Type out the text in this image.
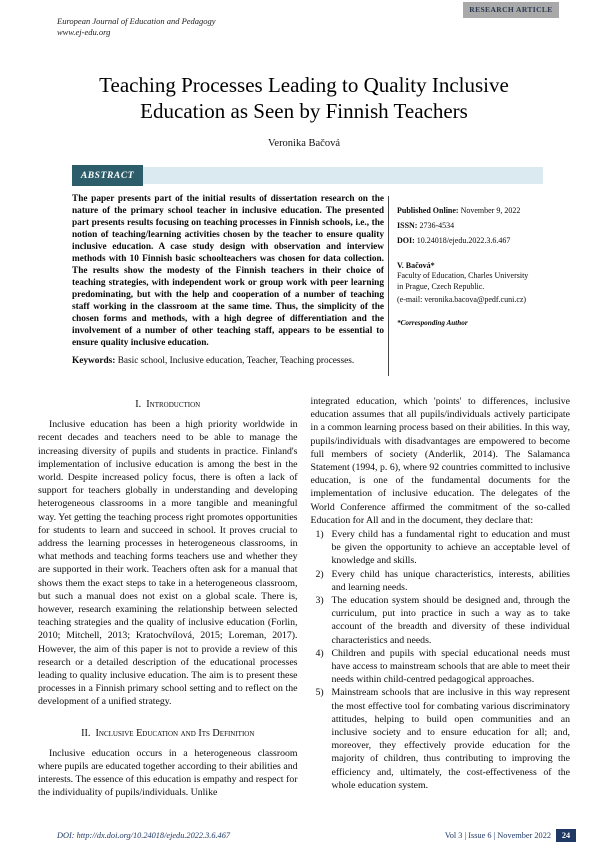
European Journal of Education and Pedagogy
www.ej-edu.org
RESEARCH ARTICLE
Teaching Processes Leading to Quality Inclusive Education as Seen by Finnish Teachers
Veronika Bačová
ABSTRACT
The paper presents part of the initial results of dissertation research on the nature of the primary school teacher in inclusive education. The presented part presents results focusing on teaching processes in Finnish schools, i.e., the notion of teaching/learning activities chosen by the teacher to ensure quality inclusive education. A case study design with observation and interview methods with 10 Finnish basic schoolteachers was chosen for data collection. The results show the modesty of the Finnish teachers in their choice of teaching strategies, with independent work or group work with peer learning predominating, but with the help and cooperation of a number of teaching staff working in the classroom at the same time. Thus, the simplicity of the chosen forms and methods, with a high degree of differentiation and the involvement of a number of other teaching staff, appears to be essential to ensure quality inclusive education.
Published Online: November 9, 2022
ISSN: 2736-4534
DOI: 10.24018/ejedu.2022.3.6.467
V. Bačová*
Faculty of Education, Charles University
in Prague, Czech Republic.
(e-mail: veronika.bacova@pedf.cuni.cz)
*Corresponding Author
Keywords: Basic school, Inclusive education, Teacher, Teaching processes.
I. Introduction

Inclusive education has been a high priority worldwide in recent decades and teachers need to be able to manage the increasing diversity of pupils and students in practice. Finland's implementation of inclusive education is among the best in the world. Despite increased policy focus, there is often a lack of support for teachers globally in understanding and developing heterogeneous classrooms in a more tangible and meaningful way. Yet getting the teaching process right promotes opportunities for students to learn and succeed in school. It proves crucial to address the learning processes in heterogeneous classrooms, in what methods and teaching forms teachers use and whether they are supported in their work. Teachers often ask for a manual that shows them the exact steps to take in a heterogeneous classroom, but such a manual does not exist on a global scale. There is, however, research examining the relationship between selected teaching strategies and the quality of inclusive education (Forlin, 2010; Mitchell, 2013; Kratochvílová, 2015; Loreman, 2017). However, the aim of this paper is not to provide a review of this research or a detailed description of the educational processes leading to quality inclusive education. The aim is to present these processes in a Finnish primary school setting and to reflect on the development of a unified strategy.

II. Inclusive Education and Its Definition

Inclusive education occurs in a heterogeneous classroom where pupils are educated together according to their abilities and interests. The essence of this education is empathy and respect for the individuality of pupils/individuals. Unlike

integrated education, which 'points' to differences, inclusive education assumes that all pupils/individuals actively participate in a common learning process based on their abilities. In this way, pupils/individuals with disadvantages are empowered to become full members of society (Anderlik, 2014). The Salamanca Statement (1994, p. 6), where 92 countries committed to inclusive education, is one of the fundamental documents for the implementation of inclusive education. The delegates of the World Conference affirmed the commitment of the so-called Education for All and in the document, they declare that:

1) Every child has a fundamental right to education and must be given the opportunity to achieve an acceptable level of knowledge and skills.
2) Every child has unique characteristics, interests, abilities and learning needs.
3) The education system should be designed and, through the curriculum, put into practice in such a way as to take account of the breadth and diversity of these individual characteristics and needs.
4) Children and pupils with special educational needs must have access to mainstream schools that are able to meet their needs within child-centred pedagogical approaches.
5) Mainstream schools that are inclusive in this way represent the most effective tool for combating various discriminatory attitudes, helping to build open communities and an inclusive society and to ensure education for all; and, moreover, they effectively provide education for the majority of children, thus contributing to improving the efficiency and, ultimately, the cost-effectiveness of the whole education system.
DOI: http://dx.doi.org/10.24018/ejedu.2022.3.6.467	Vol 3 | Issue 6 | November 2022	24
